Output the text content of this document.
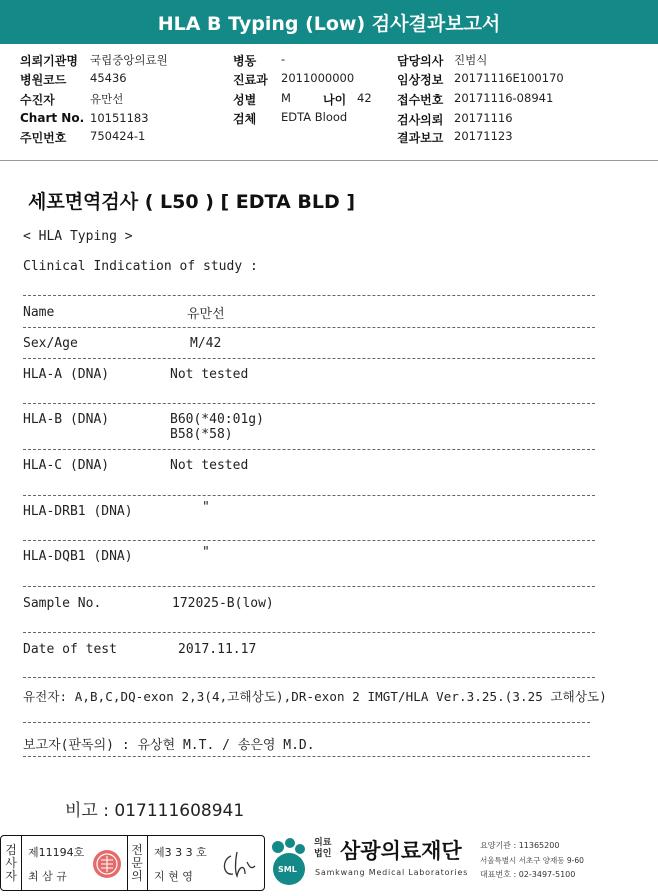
HLA B Typing (Low) 검사결과보고서
의뢰기관명 국립중앙의료원
병원코드 45436
수진자	유만선
Chart No. 10151183
주민번호 750424-1
병동 -
진료과 2011000000
성별 M	나이 42
검체 EDTA Blood
담당의사 진범식
임상정보 20171116E100170
접수번호 20171116-08941
검사의뢰 20171116
결과보고 20171123
세포면역검사 ( L50 ) [ EDTA BLD ]
< HLA Typing >
Clinical Indication of study :
Name	유만선
Sex/Age	M/42
HLA-A (DNA)	Not tested
HLA-B (DNA)	B60(*40:01g)
B58(*58)
HLA-C (DNA)	Not tested
HLA-DRB1 (DNA)	"
HLA-DQB1 (DNA)	"
Sample No.	172025-B(low)
Date of test	2017.11.17
유전자: A,B,C,DQ-exon 2,3(4,고해상도),DR-exon 2 IMGT/HLA Ver.3.25.(3.25 고해상도)
보고자(판독의) : 유상현 M.T. / 송은영 M.D.
비고 : 017111608941
검사자
제11194호
최 삼 규
전문의
제3 3 3 호
지 현 영
SML
의료법인 삼광의료재단
Samkwang Medical Laboratories
요양기관 : 11365200
서울특별시 서초구 양재동 9-60
대표번호 : 02-3497-5100
